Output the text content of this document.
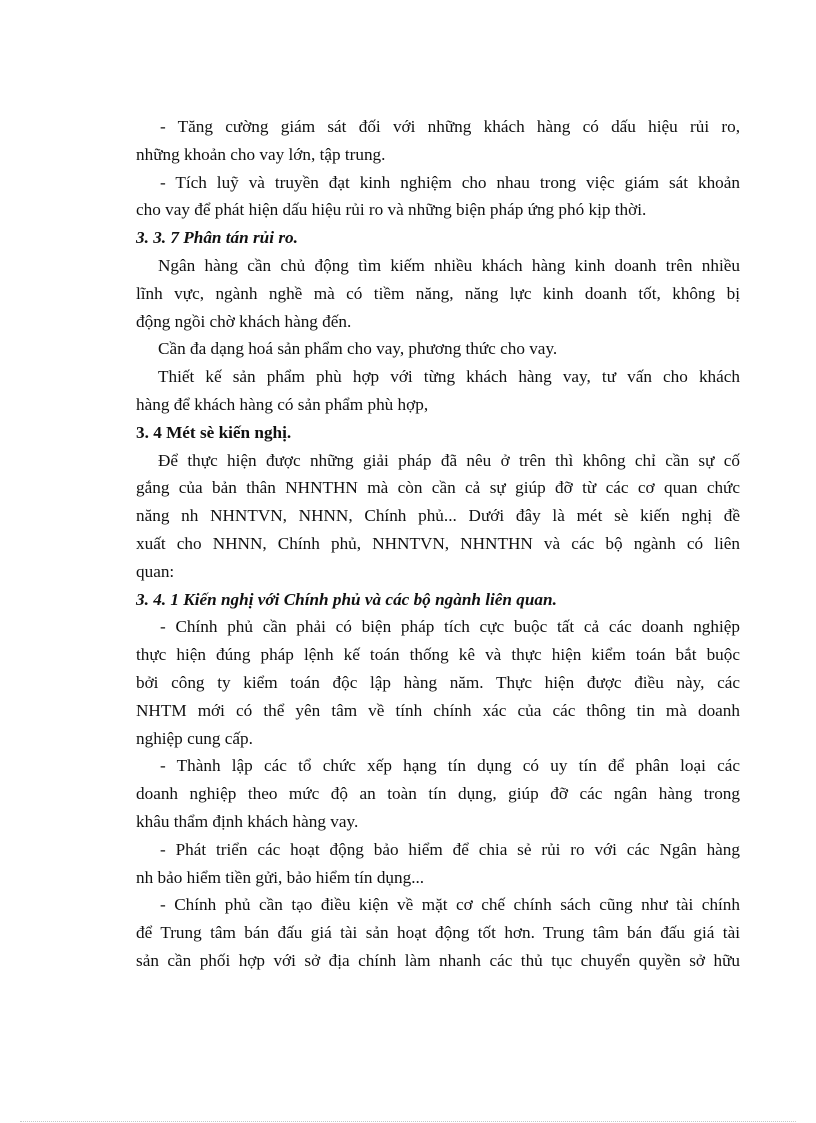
- Tăng cường giám sát đối với những khách hàng có dấu hiệu rủi ro,
những khoản cho vay lớn, tập trung.
- Tích luỹ và truyền đạt kinh nghiệm cho nhau trong việc giám sát khoản
cho vay để phát hiện dấu hiệu rủi ro và những biện pháp ứng phó kịp thời.
3. 3. 7 Phân tán rủi ro.
Ngân hàng cần chủ động tìm kiếm nhiều khách hàng kinh doanh trên nhiều
lĩnh vực, ngành nghề mà có tiềm năng, năng lực kinh doanh tốt, không bị
động ngồi chờ khách hàng đến.
Cần đa dạng hoá sản phẩm cho vay, phương thức cho vay.
Thiết kế sản phẩm phù hợp với từng khách hàng vay, tư vấn cho khách
hàng để khách hàng có sản phẩm phù hợp,
3. 4 Mét sè kiến nghị.
Để thực hiện được những giải pháp đã nêu ở trên thì không chỉ cần sự cố
gắng của bản thân NHNTHN mà còn cần cả sự giúp đỡ từ các cơ quan chức
năng nh NHNTVN, NHNN, Chính phủ... Dưới đây là mét sè kiến nghị đề
xuất cho NHNN, Chính phủ, NHNTVN, NHNTHN và các bộ ngành có liên
quan:
3. 4. 1 Kiến nghị với Chính phủ và các bộ ngành liên quan.
- Chính phủ cần phải có biện pháp tích cực buộc tất cả các doanh nghiệp
thực hiện đúng pháp lệnh kế toán thống kê và thực hiện kiểm toán bắt buộc
bởi công ty kiểm toán độc lập hàng năm. Thực hiện được điều này, các
NHTM mới có thể yên tâm về tính chính xác của các thông tin mà doanh
nghiệp cung cấp.
- Thành lập các tổ chức xếp hạng tín dụng có uy tín để phân loại các
doanh nghiệp theo mức độ an toàn tín dụng, giúp đỡ các ngân hàng trong
khâu thẩm định khách hàng vay.
- Phát triển các hoạt động bảo hiểm để chia sẻ rủi ro với các Ngân hàng
nh bảo hiểm tiền gửi, bảo hiểm tín dụng...
- Chính phủ cần tạo điều kiện về mặt cơ chế chính sách cũng như tài chính
để Trung tâm bán đấu giá tài sản hoạt động tốt hơn. Trung tâm bán đấu giá tài
sản cần phối hợp với sở địa chính làm nhanh các thủ tục chuyển quyền sở hữu
